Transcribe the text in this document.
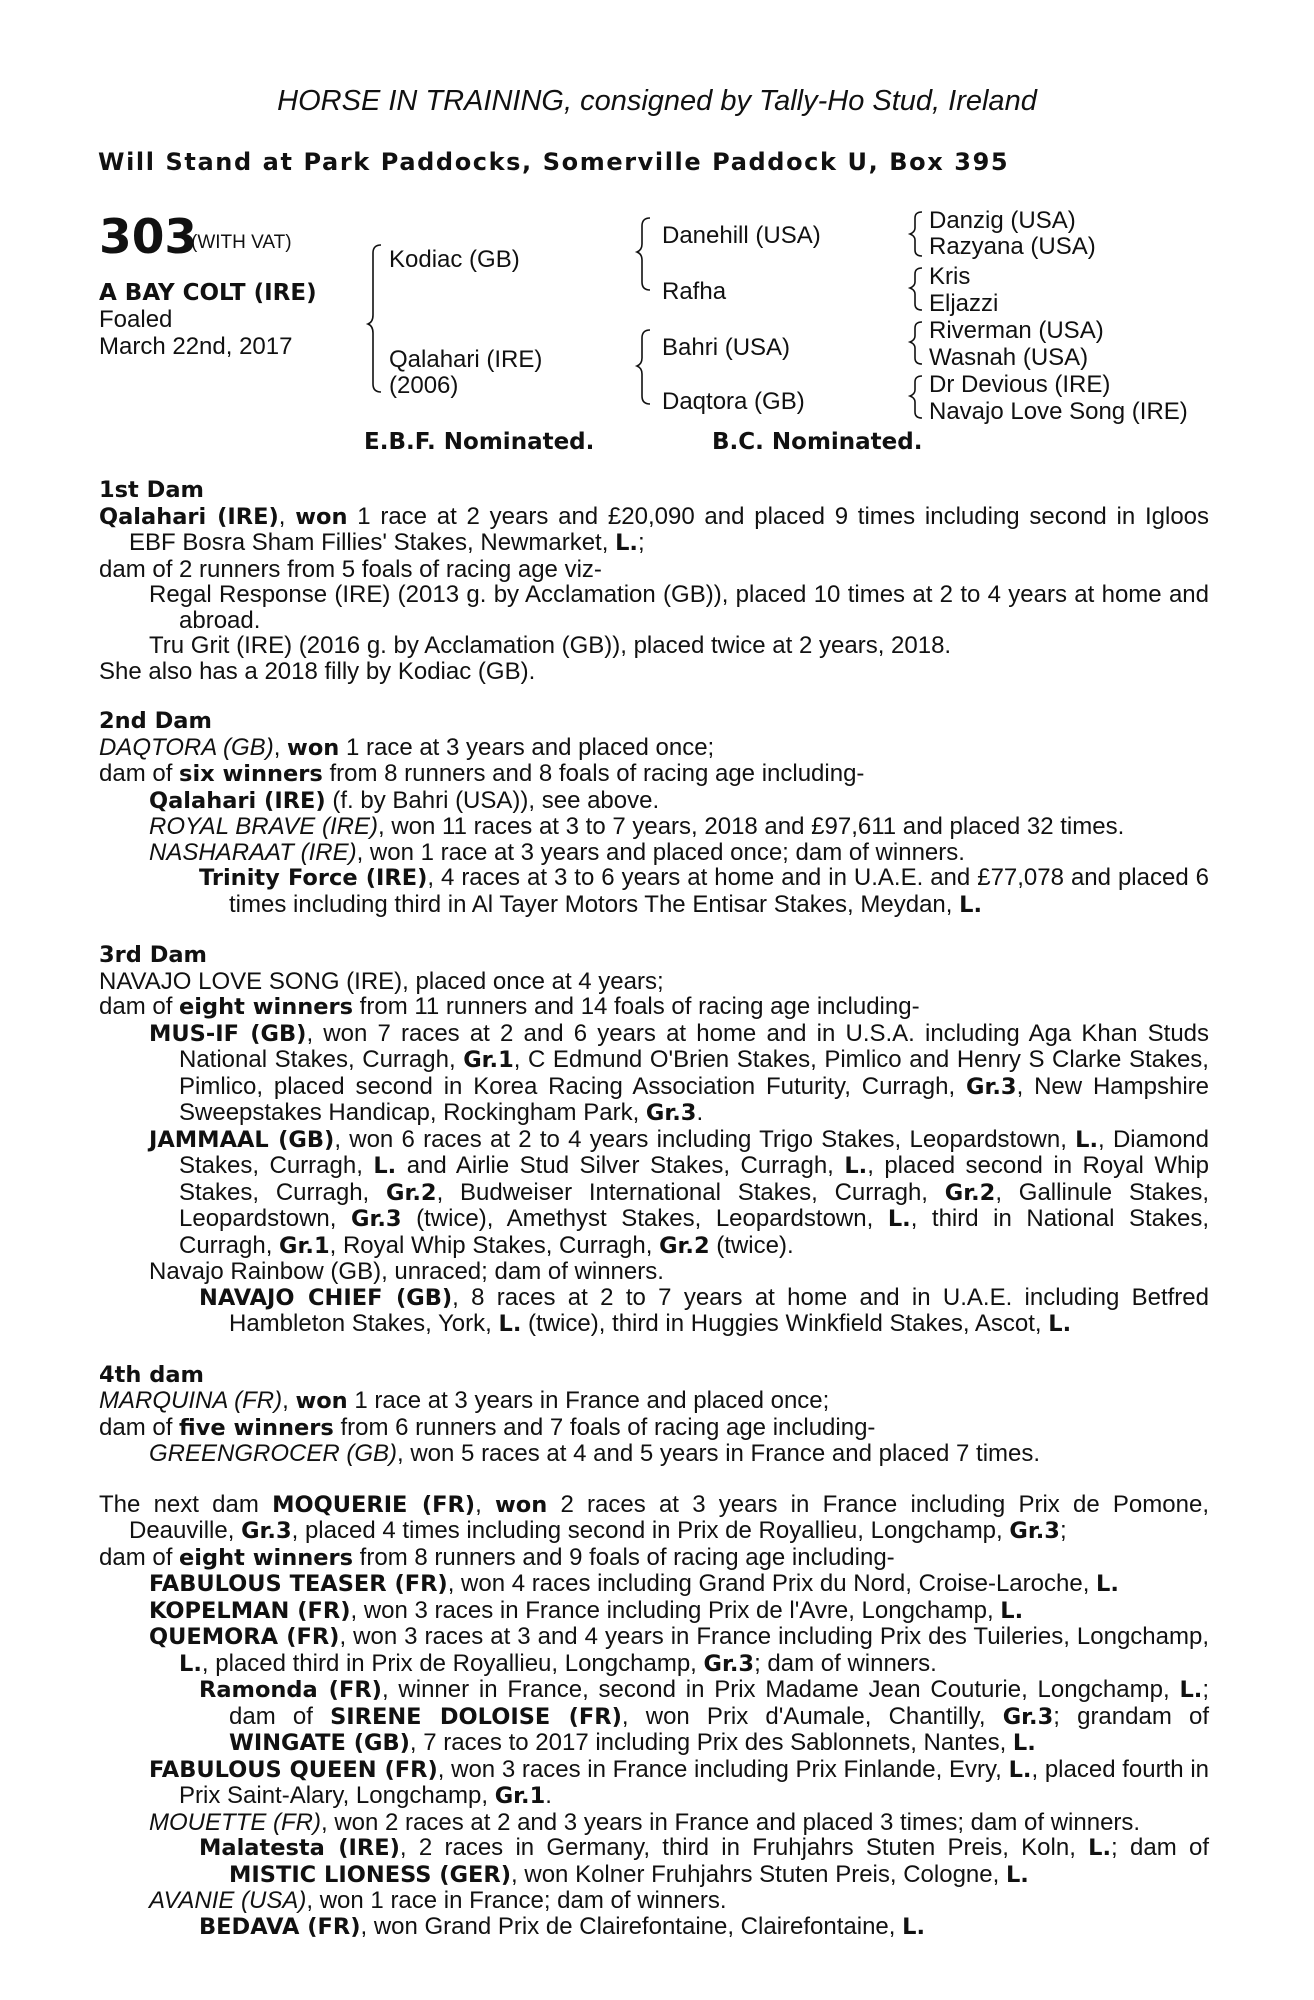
HORSE IN TRAINING, consigned by Tally-Ho Stud, Ireland
Will Stand at Park Paddocks, Somerville Paddock U, Box 395
303
(WITH VAT)
A BAY COLT (IRE)
Foaled
March 22nd, 2017
Kodiac (GB)
Qalahari (IRE)
(2006)
Danehill (USA)
Rafha
Bahri (USA)
Daqtora (GB)
Danzig (USA)
Razyana (USA)
Kris
Eljazzi
Riverman (USA)
Wasnah (USA)
Dr Devious (IRE)
Navajo Love Song (IRE)
E.B.F. Nominated.	B.C. Nominated.
1st Dam

Qalahari (IRE), won 1 race at 2 years and £20,090 and placed 9 times including second in Igloos EBF Bosra Sham Fillies' Stakes, Newmarket, L.;

dam of 2 runners from 5 foals of racing age viz-

Regal Response (IRE) (2013 g. by Acclamation (GB)), placed 10 times at 2 to 4 years at home and abroad.

Tru Grit (IRE) (2016 g. by Acclamation (GB)), placed twice at 2 years, 2018.

She also has a 2018 filly by Kodiac (GB).

2nd Dam

DAQTORA (GB), won 1 race at 3 years and placed once;

dam of six winners from 8 runners and 8 foals of racing age including-

Qalahari (IRE) (f. by Bahri (USA)), see above.

ROYAL BRAVE (IRE), won 11 races at 3 to 7 years, 2018 and £97,611 and placed 32 times.

NASHARAAT (IRE), won 1 race at 3 years and placed once; dam of winners.

Trinity Force (IRE), 4 races at 3 to 6 years at home and in U.A.E. and £77,078 and placed 6 times including third in Al Tayer Motors The Entisar Stakes, Meydan, L.

3rd Dam

NAVAJO LOVE SONG (IRE), placed once at 4 years;

dam of eight winners from 11 runners and 14 foals of racing age including-

MUS-IF (GB), won 7 races at 2 and 6 years at home and in U.S.A. including Aga Khan Studs National Stakes, Curragh, Gr.1, C Edmund O'Brien Stakes, Pimlico and Henry S Clarke Stakes, Pimlico, placed second in Korea Racing Association Futurity, Curragh, Gr.3, New Hampshire Sweepstakes Handicap, Rockingham Park, Gr.3.

JAMMAAL (GB), won 6 races at 2 to 4 years including Trigo Stakes, Leopardstown, L., Diamond Stakes, Curragh, L. and Airlie Stud Silver Stakes, Curragh, L., placed second in Royal Whip Stakes, Curragh, Gr.2, Budweiser International Stakes, Curragh, Gr.2, Gallinule Stakes, Leopardstown, Gr.3 (twice), Amethyst Stakes, Leopardstown, L., third in National Stakes, Curragh, Gr.1, Royal Whip Stakes, Curragh, Gr.2 (twice).

Navajo Rainbow (GB), unraced; dam of winners.

NAVAJO CHIEF (GB), 8 races at 2 to 7 years at home and in U.A.E. including Betfred Hambleton Stakes, York, L. (twice), third in Huggies Winkfield Stakes, Ascot, L.

4th dam

MARQUINA (FR), won 1 race at 3 years in France and placed once;

dam of five winners from 6 runners and 7 foals of racing age including-

GREENGROCER (GB), won 5 races at 4 and 5 years in France and placed 7 times.

The next dam MOQUERIE (FR), won 2 races at 3 years in France including Prix de Pomone, Deauville, Gr.3, placed 4 times including second in Prix de Royallieu, Longchamp, Gr.3;

dam of eight winners from 8 runners and 9 foals of racing age including-

FABULOUS TEASER (FR), won 4 races including Grand Prix du Nord, Croise-Laroche, L.

KOPELMAN (FR), won 3 races in France including Prix de l'Avre, Longchamp, L.

QUEMORA (FR), won 3 races at 3 and 4 years in France including Prix des Tuileries, Longchamp, L., placed third in Prix de Royallieu, Longchamp, Gr.3; dam of winners.

Ramonda (FR), winner in France, second in Prix Madame Jean Couturie, Longchamp, L.; dam of SIRENE DOLOISE (FR), won Prix d'Aumale, Chantilly, Gr.3; grandam of WINGATE (GB), 7 races to 2017 including Prix des Sablonnets, Nantes, L.

FABULOUS QUEEN (FR), won 3 races in France including Prix Finlande, Evry, L., placed fourth in Prix Saint-Alary, Longchamp, Gr.1.

MOUETTE (FR), won 2 races at 2 and 3 years in France and placed 3 times; dam of winners.

Malatesta (IRE), 2 races in Germany, third in Fruhjahrs Stuten Preis, Koln, L.; dam of MISTIC LIONESS (GER), won Kolner Fruhjahrs Stuten Preis, Cologne, L.

AVANIE (USA), won 1 race in France; dam of winners.

BEDAVA (FR), won Grand Prix de Clairefontaine, Clairefontaine, L.
